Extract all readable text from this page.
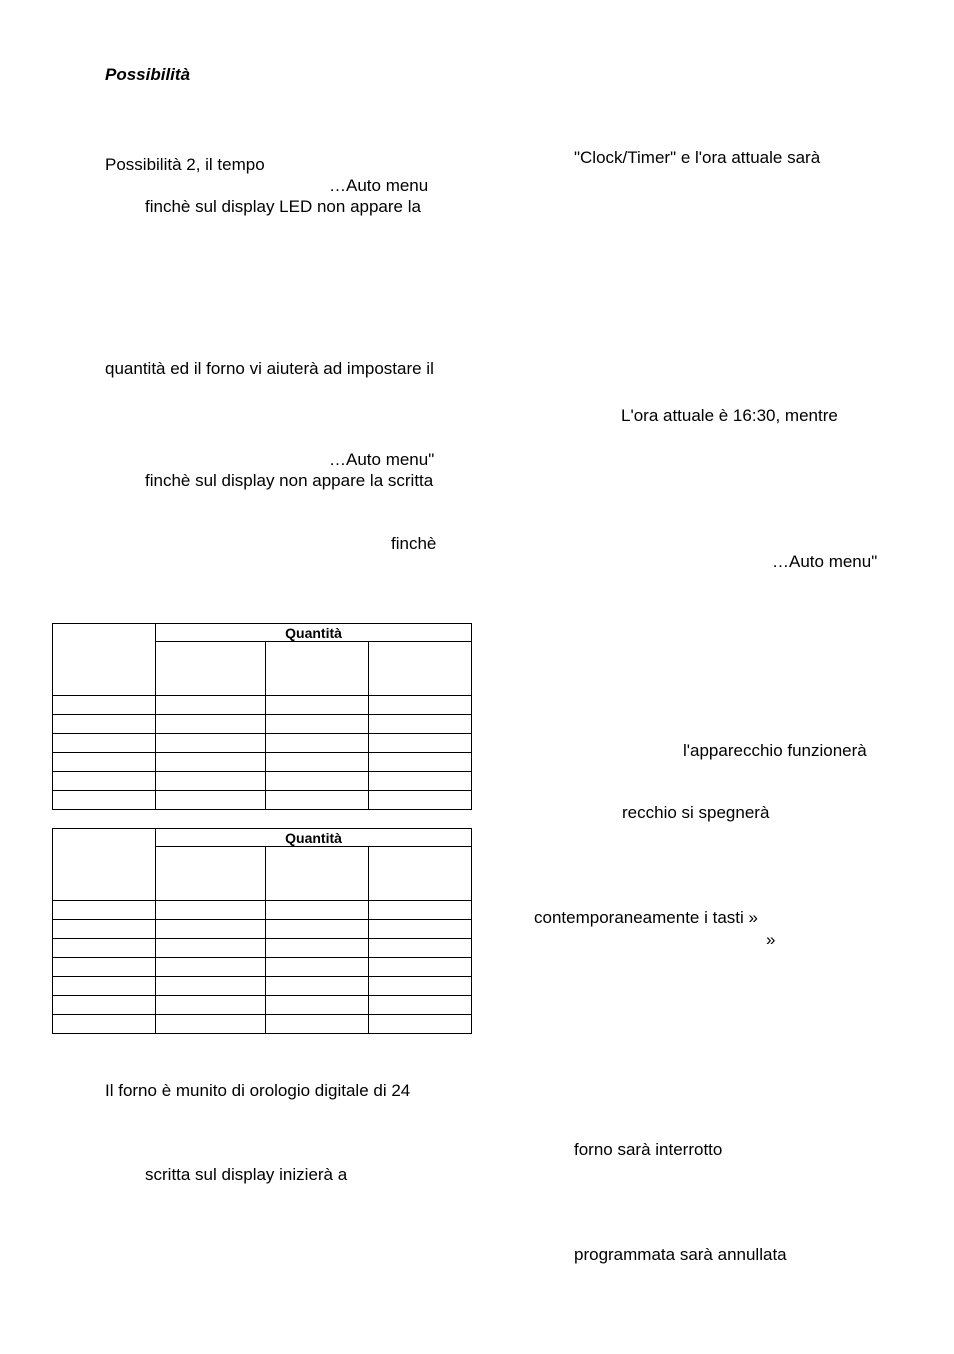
Possibilità
Possibilità 2, il tempo
…Auto menu
finchè sul display LED non appare la
quantità ed il forno vi aiuterà ad impostare il
…Auto menu"
finchè sul display non appare la scritta
finchè
	Quantità		

	Quantità		

Il forno è munito di orologio digitale di 24
scritta sul display inizierà a
"Clock/Timer" e l'ora attuale sarà
L'ora attuale è 16:30, mentre
…Auto menu"
l'apparecchio funzionerà
recchio si spegnerà
contemporaneamente i tasti »
»
forno sarà interrotto
programmata sarà annullata
